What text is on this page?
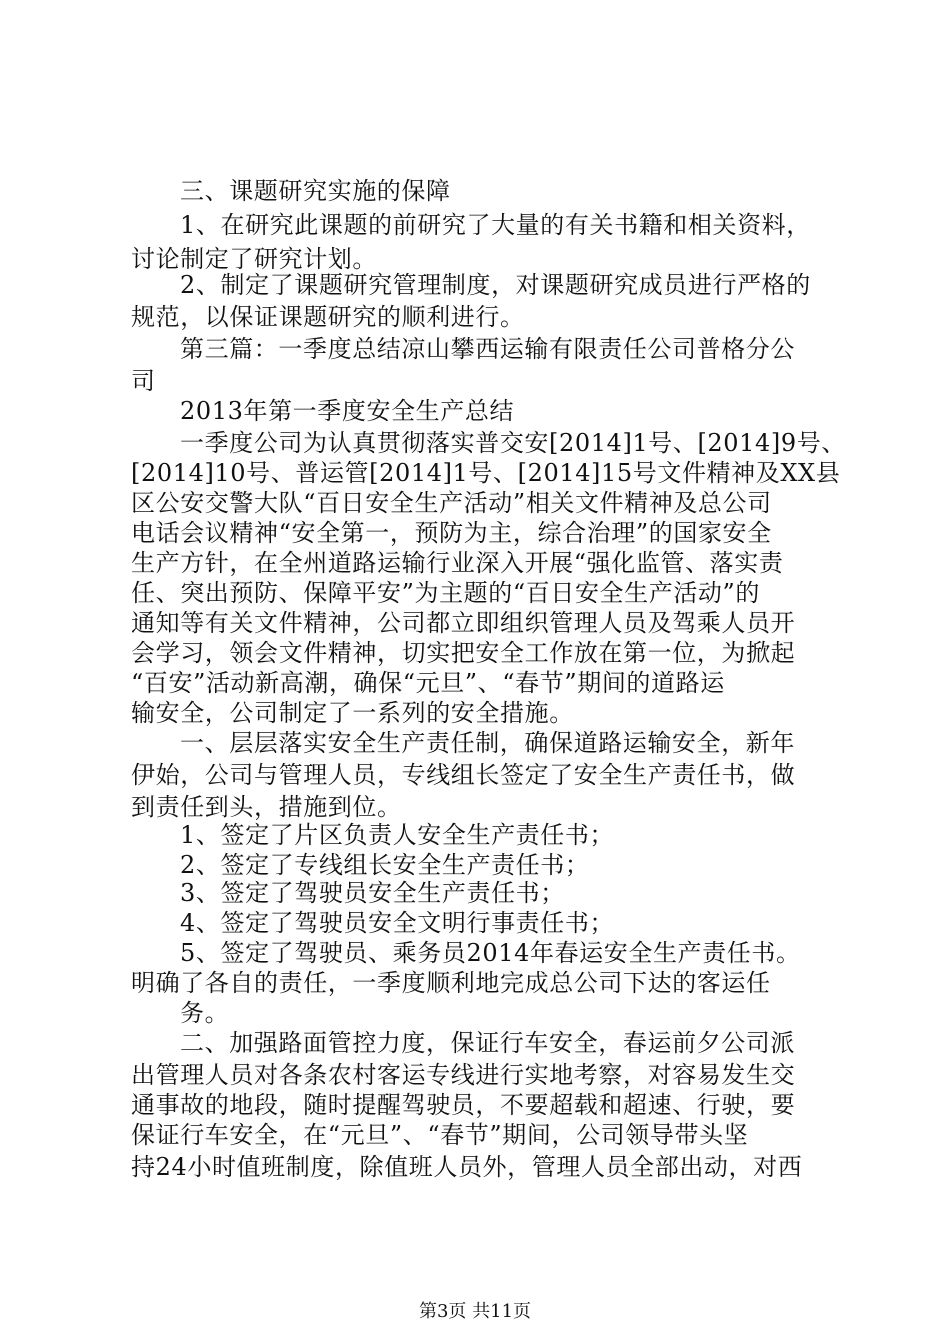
三、课题研究实施的保障
1、在研究此课题的前研究了大量的有关书籍和相关资料，
讨论制定了研究计划。
2、制定了课题研究管理制度，对课题研究成员进行严格的
规范，以保证课题研究的顺利进行。
第三篇：一季度总结凉山攀西运输有限责任公司普格分公
司
2013年第一季度安全生产总结
一季度公司为认真贯彻落实普交安[2014]1号、[2014]9号、
[2014]10号、普运管[2014]1号、[2014]15号文件精神及XX县
区公安交警大队“百日安全生产活动”相关文件精神及总公司
电话会议精神“安全第一，预防为主，综合治理”的国家安全
生产方针，在全州道路运输行业深入开展“强化监管、落实责
任、突出预防、保障平安”为主题的“百日安全生产活动”的
通知等有关文件精神，公司都立即组织管理人员及驾乘人员开
会学习，领会文件精神，切实把安全工作放在第一位，为掀起
“百安”活动新高潮，确保“元旦”、“春节”期间的道路运
输安全，公司制定了一系列的安全措施。
一、层层落实安全生产责任制，确保道路运输安全，新年
伊始，公司与管理人员，专线组长签定了安全生产责任书，做
到责任到头，措施到位。
1、签定了片区负责人安全生产责任书；
2、签定了专线组长安全生产责任书；
3、签定了驾驶员安全生产责任书；
4、签定了驾驶员安全文明行事责任书；
5、签定了驾驶员、乘务员2014年春运安全生产责任书。
明确了各自的责任，一季度顺利地完成总公司下达的客运任
务。
二、加强路面管控力度，保证行车安全，春运前夕公司派
出管理人员对各条农村客运专线进行实地考察，对容易发生交
通事故的地段，随时提醒驾驶员，不要超载和超速、行驶，要
保证行车安全，在“元旦”、“春节”期间，公司领导带头坚
持24小时值班制度，除值班人员外，管理人员全部出动，对西
第3页 共11页
